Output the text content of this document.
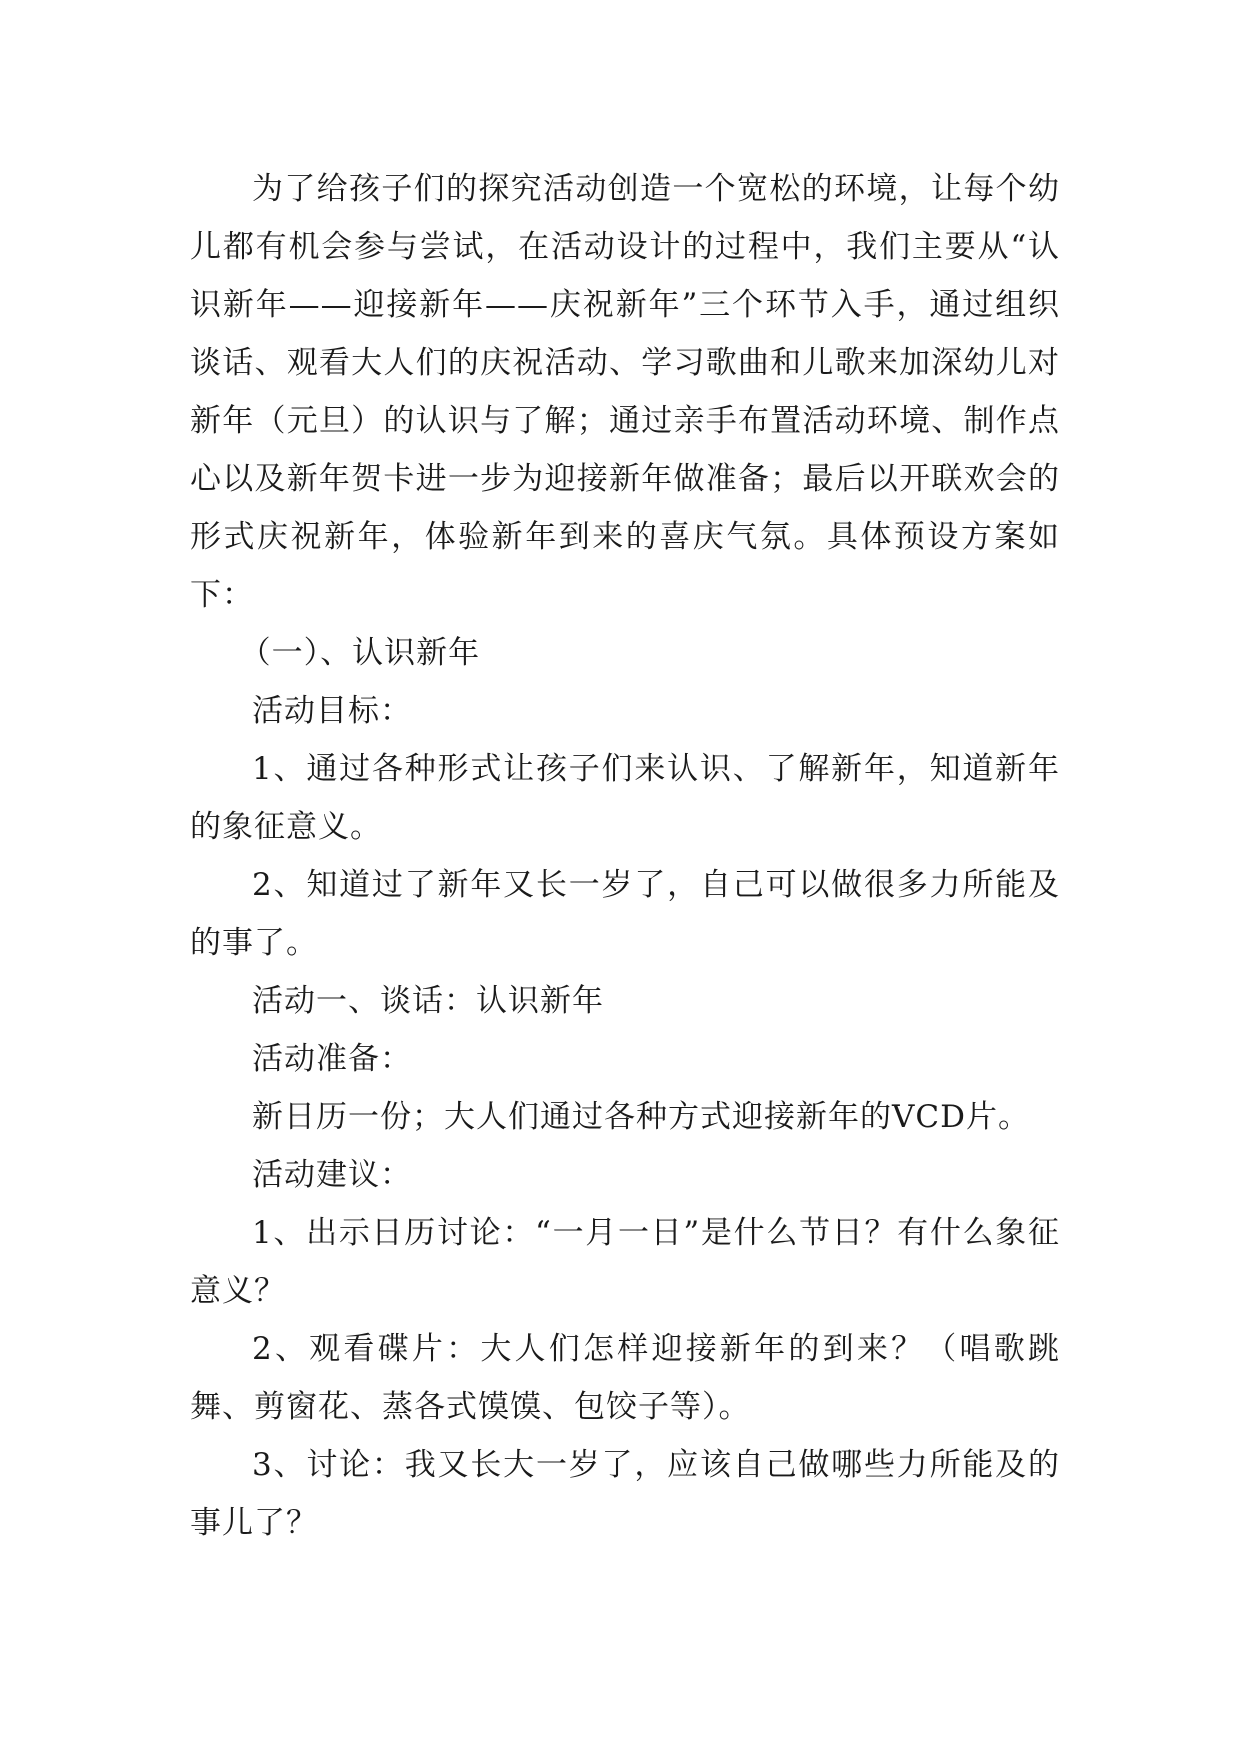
为了给孩子们的探究活动创造一个宽松的环境，让每个幼儿都有机会参与尝试，在活动设计的过程中，我们主要从“认识新年——迎接新年——庆祝新年”三个环节入手，通过组织谈话、观看大人们的庆祝活动、学习歌曲和儿歌来加深幼儿对新年（元旦）的认识与了解；通过亲手布置活动环境、制作点心以及新年贺卡进一步为迎接新年做准备；最后以开联欢会的形式庆祝新年，体验新年到来的喜庆气氛。具体预设方案如下：

（一）、认识新年

活动目标：

1、通过各种形式让孩子们来认识、了解新年，知道新年的象征意义。

2、知道过了新年又长一岁了，自己可以做很多力所能及的事了。

活动一、谈话：认识新年

活动准备：

新日历一份；大人们通过各种方式迎接新年的VCD片。

活动建议：

1、出示日历讨论：“一月一日”是什么节日？有什么象征意义？

2、观看碟片：大人们怎样迎接新年的到来？（唱歌跳舞、剪窗花、蒸各式馍馍、包饺子等）。

3、讨论：我又长大一岁了，应该自己做哪些力所能及的事儿了？
